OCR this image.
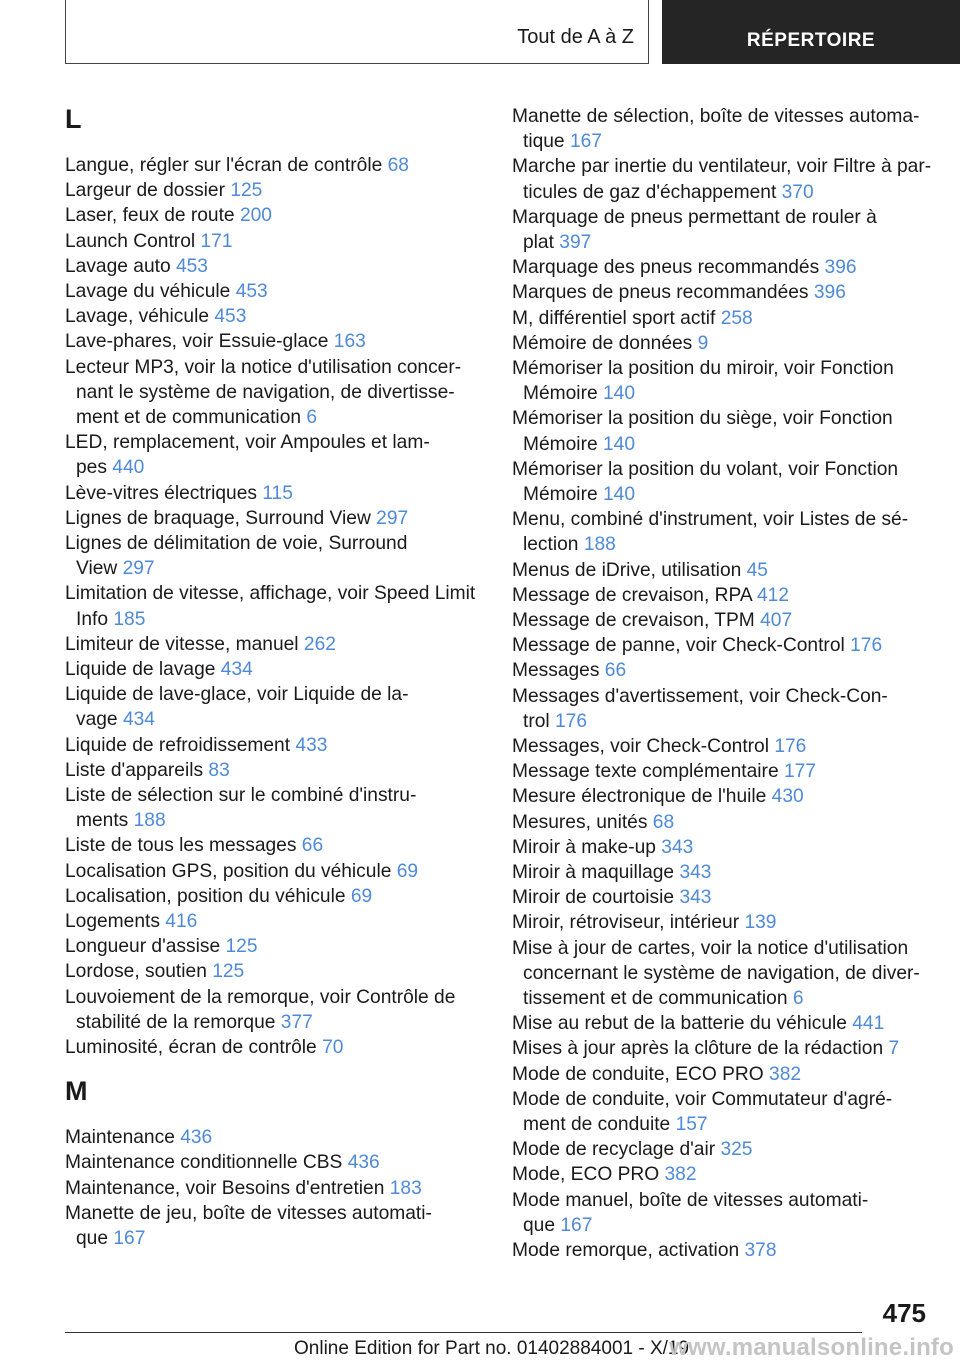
Tout de A à Z	RÉPERTOIRE
L
Langue, régler sur l'écran de contrôle 68
Largeur de dossier 125
Laser, feux de route 200
Launch Control 171
Lavage auto 453
Lavage du véhicule 453
Lavage, véhicule 453
Lave-phares, voir Essuie-glace 163
Lecteur MP3, voir la notice d'utilisation concer-
nant le système de navigation, de divertisse-
ment et de communication 6
LED, remplacement, voir Ampoules et lam-
pes 440
Lève-vitres électriques 115
Lignes de braquage, Surround View 297
Lignes de délimitation de voie, Surround
View 297
Limitation de vitesse, affichage, voir Speed Limit
Info 185
Limiteur de vitesse, manuel 262
Liquide de lavage 434
Liquide de lave-glace, voir Liquide de la-
vage 434
Liquide de refroidissement 433
Liste d'appareils 83
Liste de sélection sur le combiné d'instru-
ments 188
Liste de tous les messages 66
Localisation GPS, position du véhicule 69
Localisation, position du véhicule 69
Logements 416
Longueur d'assise 125
Lordose, soutien 125
Louvoiement de la remorque, voir Contrôle de
stabilité de la remorque 377
Luminosité, écran de contrôle 70
M
Maintenance 436
Maintenance conditionnelle CBS 436
Maintenance, voir Besoins d'entretien 183
Manette de jeu, boîte de vitesses automati-
que 167
Manette de sélection, boîte de vitesses automa-
tique 167
Marche par inertie du ventilateur, voir Filtre à par-
ticules de gaz d'échappement 370
Marquage de pneus permettant de rouler à
plat 397
Marquage des pneus recommandés 396
Marques de pneus recommandées 396
M, différentiel sport actif 258
Mémoire de données 9
Mémoriser la position du miroir, voir Fonction
Mémoire 140
Mémoriser la position du siège, voir Fonction
Mémoire 140
Mémoriser la position du volant, voir Fonction
Mémoire 140
Menu, combiné d'instrument, voir Listes de sé-
lection 188
Menus de iDrive, utilisation 45
Message de crevaison, RPA 412
Message de crevaison, TPM 407
Message de panne, voir Check-Control 176
Messages 66
Messages d'avertissement, voir Check-Con-
trol 176
Messages, voir Check-Control 176
Message texte complémentaire 177
Mesure électronique de l'huile 430
Mesures, unités 68
Miroir à make-up 343
Miroir à maquillage 343
Miroir de courtoisie 343
Miroir, rétroviseur, intérieur 139
Mise à jour de cartes, voir la notice d'utilisation
concernant le système de navigation, de diver-
tissement et de communication 6
Mise au rebut de la batterie du véhicule 441
Mises à jour après la clôture de la rédaction 7
Mode de conduite, ECO PRO 382
Mode de conduite, voir Commutateur d'agré-
ment de conduite 157
Mode de recyclage d'air 325
Mode, ECO PRO 382
Mode manuel, boîte de vitesses automati-
que 167
Mode remorque, activation 378
475
Online Edition for Part no. 01402884001 - X/19
www.manualsonline.info
